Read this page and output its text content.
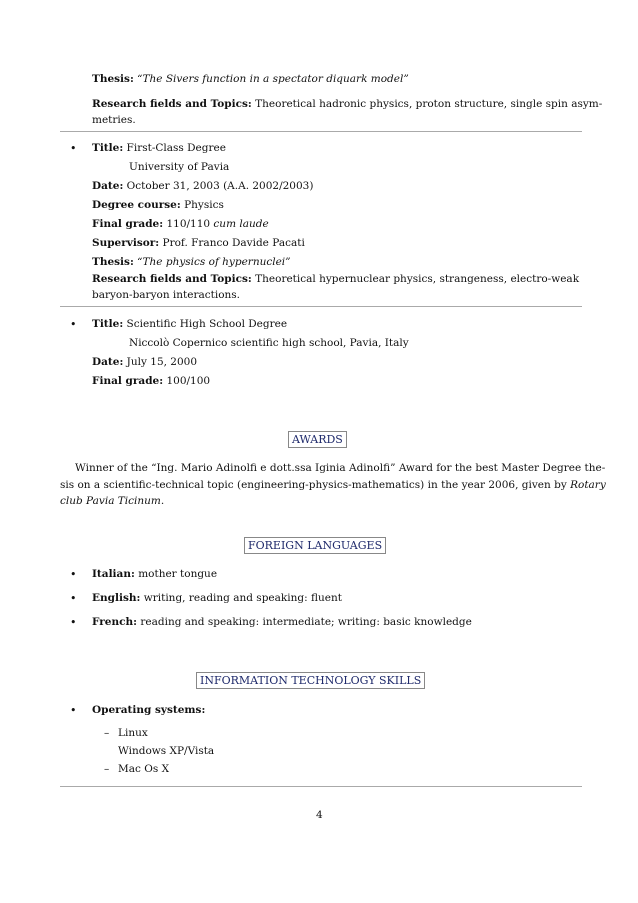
Thesis: “The Sivers function in a spectator diquark model”
Research fields and Topics: Theoretical hadronic physics, proton structure, single spin asym-
metries.
• Title: First-Class Degree
University of Pavia
Date: October 31, 2003 (A.A. 2002/2003)
Degree course: Physics
Final grade: 110/110 cum laude
Supervisor: Prof. Franco Davide Pacati
Thesis: “The physics of hypernuclei”
Research fields and Topics: Theoretical hypernuclear physics, strangeness, electro-weak
baryon-baryon interactions.
• Title: Scientific High School Degree
Niccolò Copernico scientific high school, Pavia, Italy
Date: July 15, 2000
Final grade: 100/100
AWARDS
Winner of the “Ing. Mario Adinolfi e dott.ssa Iginia Adinolfi” Award for the best Master Degree the-
sis on a scientific-technical topic (engineering-physics-mathematics) in the year 2006, given by Rotary
club Pavia Ticinum.
FOREIGN LANGUAGES
• Italian: mother tongue
• English: writing, reading and speaking: fluent
• French: reading and speaking: intermediate; writing: basic knowledge
INFORMATION TECHNOLOGY SKILLS
• Operating systems:
– Linux
Windows XP/Vista
– Mac Os X
4
